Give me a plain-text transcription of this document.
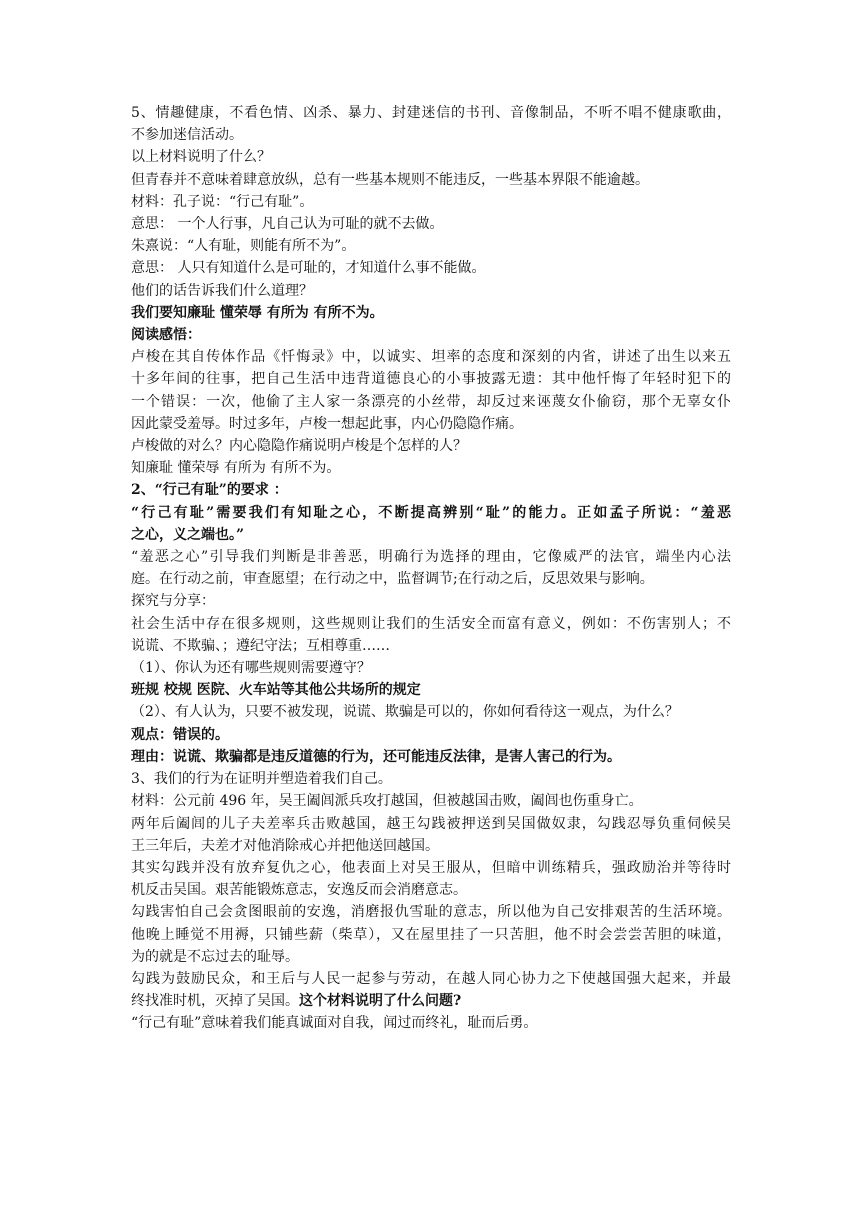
5、情趣健康，不看色情、凶杀、暴力、封建迷信的书刊、音像制品，不听不唱不健康歌曲，
不参加迷信活动。
以上材料说明了什么？
但青春并不意味着肆意放纵，总有一些基本规则不能违反，一些基本界限不能逾越。
材料：孔子说：“行己有耻”。
意思： 一个人行事，凡自己认为可耻的就不去做。
朱熹说：“人有耻，则能有所不为”。
意思： 人只有知道什么是可耻的，才知道什么事不能做。
他们的话告诉我们什么道理？
我们要知廉耻 懂荣辱 有所为 有所不为。
阅读感悟：
卢梭在其自传体作品《忏悔录》中，以诚实、坦率的态度和深刻的内省，讲述了出生以来五
十多年间的往事，把自己生活中违背道德良心的小事披露无遗：其中他忏悔了年轻时犯下的
一个错误：一次，他偷了主人家一条漂亮的小丝带，却反过来诬蔑女仆偷窃，那个无辜女仆
因此蒙受羞辱。时过多年，卢梭一想起此事，内心仍隐隐作痛。
卢梭做的对么？内心隐隐作痛说明卢梭是个怎样的人？
知廉耻 懂荣辱 有所为 有所不为。
2、“行己有耻”的要求 ：
“行己有耻”需要我们有知耻之心，不断提高辨别“耻”的能力。正如孟子所说：“羞恶
之心，义之端也。”
“羞恶之心”引导我们判断是非善恶，明确行为选择的理由，它像威严的法官，端坐内心法
庭。在行动之前，审查愿望；在行动之中，监督调节;在行动之后，反思效果与影响。
探究与分享：
社会生活中存在很多规则，这些规则让我们的生活安全而富有意义，例如：不伤害别人；不
说谎、不欺骗、；遵纪守法；互相尊重……
（1）、你认为还有哪些规则需要遵守？
班规 校规 医院、火车站等其他公共场所的规定
（2）、有人认为，只要不被发现，说谎、欺骗是可以的，你如何看待这一观点，为什么？
观点：错误的。
理由：说谎、欺骗都是违反道德的行为，还可能违反法律，是害人害己的行为。
3、我们的行为在证明并塑造着我们自己。
材料：公元前 496 年，吴王阖闾派兵攻打越国，但被越国击败，阖闾也伤重身亡。
两年后阖闾的儿子夫差率兵击败越国，越王勾践被押送到吴国做奴隶，勾践忍辱负重伺候吴
王三年后，夫差才对他消除戒心并把他送回越国。
其实勾践并没有放弃复仇之心，他表面上对吴王服从，但暗中训练精兵，强政励治并等待时
机反击吴国。艰苦能锻炼意志，安逸反而会消磨意志。
勾践害怕自己会贪图眼前的安逸，消磨报仇雪耻的意志，所以他为自己安排艰苦的生活环境。
他晚上睡觉不用褥，只铺些薪（柴草），又在屋里挂了一只苦胆，他不时会尝尝苦胆的味道，
为的就是不忘过去的耻辱。
勾践为鼓励民众，和王后与人民一起参与劳动，在越人同心协力之下使越国强大起来，并最
终找准时机，灭掉了吴国。这个材料说明了什么问题?
“行己有耻”意味着我们能真诚面对自我，闻过而终礼，耻而后勇。
